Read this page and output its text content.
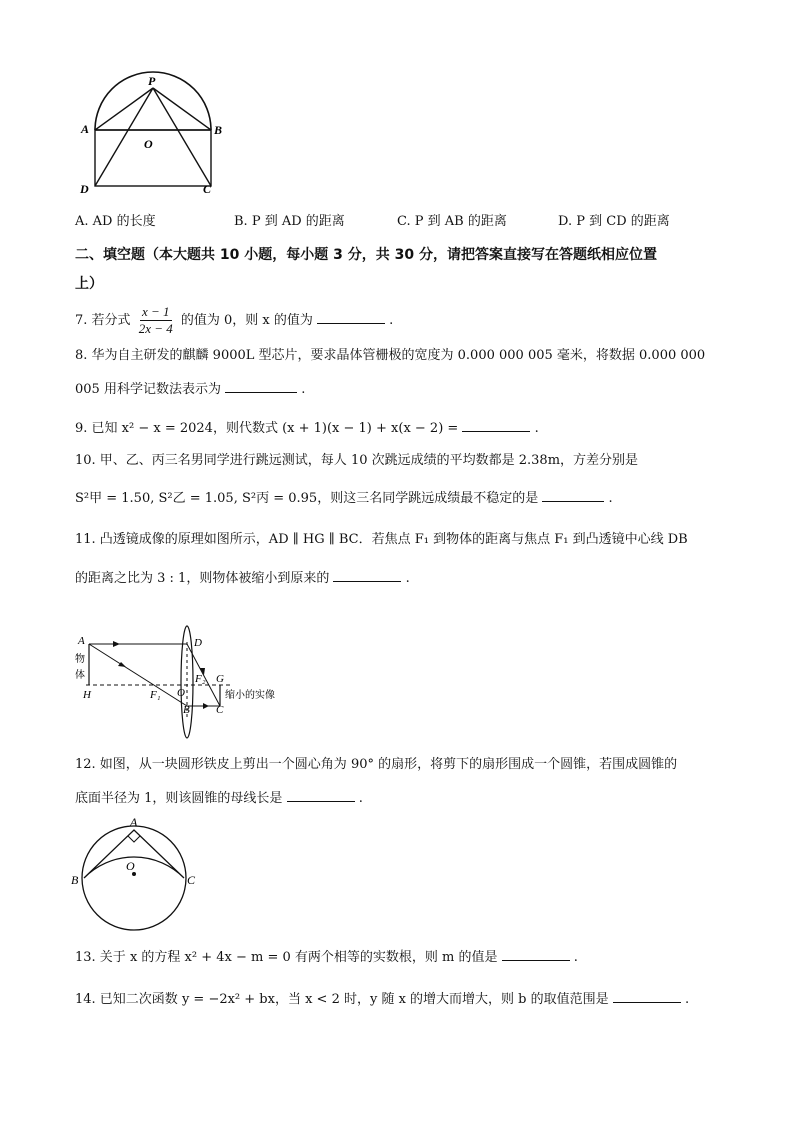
P
A	B
O
D	C
A. AD 的长度	B. P 到 AD 的距离	C. P 到 AB 的距离	D. P 到 CD 的距离
二、填空题（本大题共 10 小题，每小题 3 分，共 30 分，请把答案直接写在答题纸相应位置
上）
7. 若分式 $\frac{x - 1}{2x - 4}$ 的值为 0，则 x 的值为	.
8. 华为自主研发的麒麟 9000L 型芯片，要求晶体管栅极的宽度为 0.000 000 005 毫米，将数据 0.000 000
005 用科学记数法表示为	.
9. 已知 x² − x = 2024，则代数式 (x + 1)(x − 1) + x(x − 2) =	.
10. 甲、乙、丙三名男同学进行跳远测试，每人 10 次跳远成绩的平均数都是 2.38m，方差分别是
S²甲 = 1.50, S²乙 = 1.05, S²丙 = 0.95，则这三名同学跳远成绩最不稳定的是	.
11. 凸透镜成像的原理如图所示，AD ∥ HG ∥ BC．若焦点 F₁ 到物体的距离与焦点 F₁ 到凸透镜中心线 DB
的距离之比为 3 : 1，则物体被缩小到原来的	.
A
物
体
H	F₁ O
D
F₂ G
B C
缩小的实像
12. 如图，从一块圆形铁皮上剪出一个圆心角为 90° 的扇形，将剪下的扇形围成一个圆锥，若围成圆锥的
底面半径为 1，则该圆锥的母线长是	.
A
O
B	C
13. 关于 x 的方程 x² + 4x − m = 0 有两个相等的实数根，则 m 的值是	.
14. 已知二次函数 y = −2x² + bx，当 x < 2 时，y 随 x 的增大而增大，则 b 的取值范围是	.
